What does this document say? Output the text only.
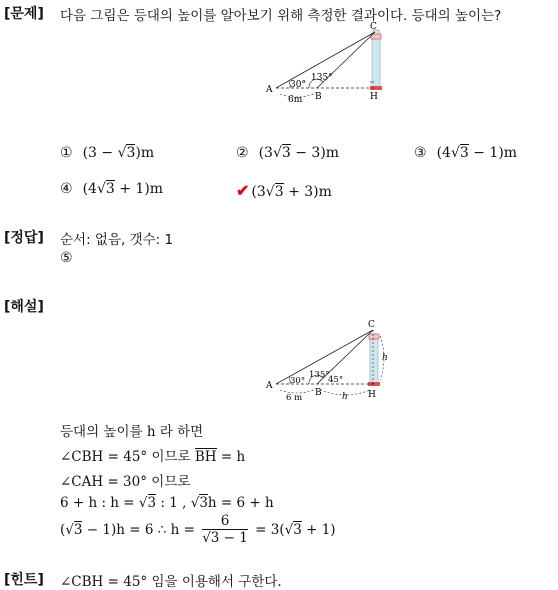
[문제] 다음 그림은 등대의 높이를 알아보기 위해 측정한 결과이다. 등대의 높이는?
A
B
C
H
30°
135°
6m
① (3 − √3)m	② (3√3 − 3)m	③ (4√3 − 1)m
④ (4√3 + 1)m	✔ (3√3 + 3)m
[정답] 순서: 없음, 갯수: 1
⑤
[해설]
A
B
C
H
30°
135°
45°
6 m	h
h
등대의 높이를 h 라 하면
∠CBH = 45° 이므로 BH = h
∠CAH = 30° 이므로
6 + h : h = √3 : 1 , √3h = 6 + h
(√3 − 1)h = 6 ∴ $h = \frac{6}{√3 - 1} = 3(√3 + 1)$
[힌트] ∠CBH = 45° 임을 이용해서 구한다.
